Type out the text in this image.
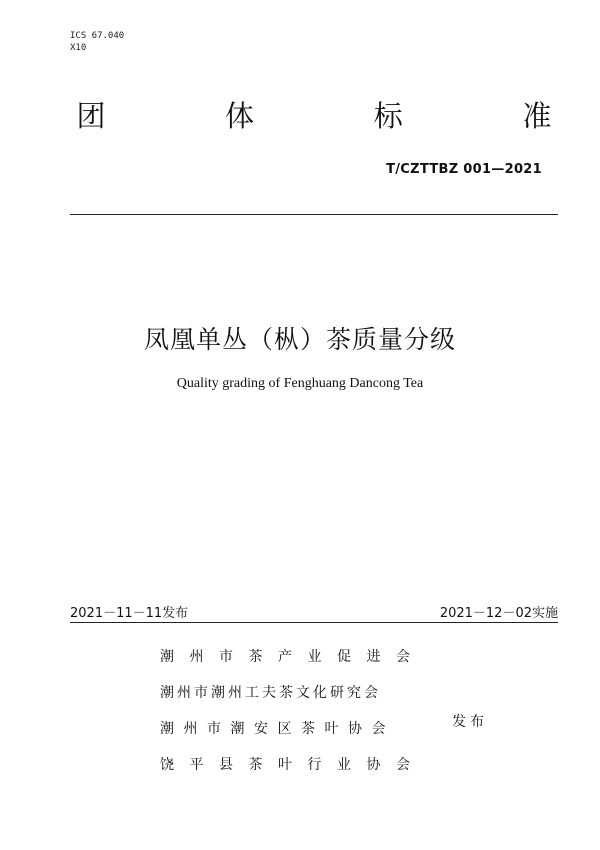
ICS 67.040
X10
团	体	标	准
T/CZTTBZ 001—2021
凤凰单丛（枞）茶质量分级
Quality grading of Fenghuang Dancong Tea
2021－11－11发布	2021－12－02实施
潮州市茶产业促进会
潮州市潮州工夫茶文化研究会
潮州市潮安区茶叶协会
饶平县茶叶行业协会
发布
